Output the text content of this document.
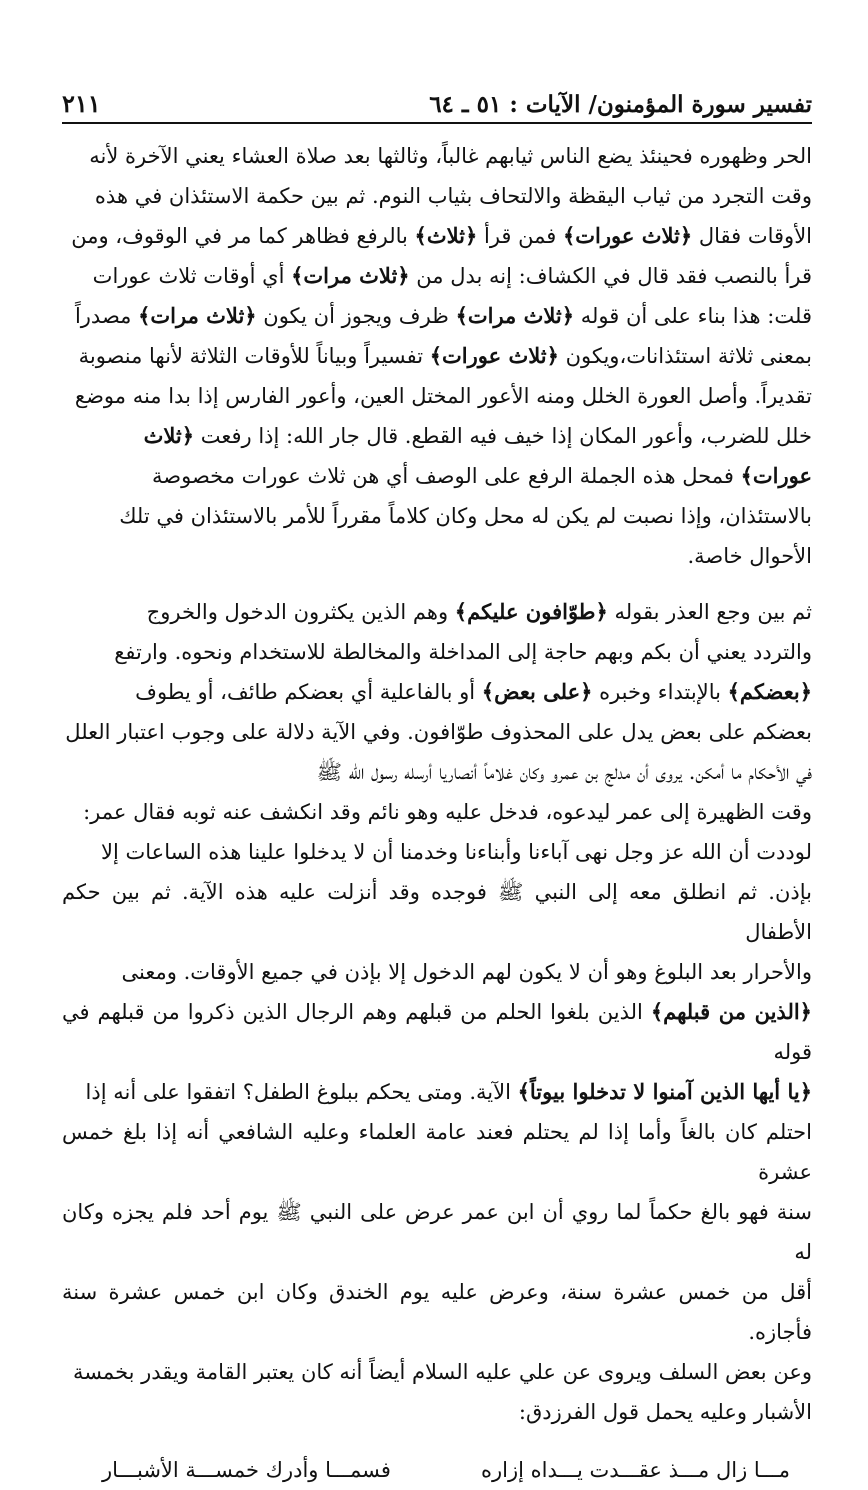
تفسير سورة المؤمنون/ الآيات : ٥١ ـ ٦٤
٢١١

الحر وظهوره فحينئذ يضع الناس ثيابهم غالباً، وثالثها بعد صلاة العشاء يعني الآخرة لأنه

وقت التجرد من ثياب اليقظة والالتحاف بثياب النوم. ثم بين حكمة الاستئذان في هذه

الأوقات فقال ﴿ثلاث عورات﴾ فمن قرأ ﴿ثلاث﴾ بالرفع فظاهر كما مر في الوقوف، ومن

قرأ بالنصب فقد قال في الكشاف: إنه بدل من ﴿ثلاث مرات﴾ أي أوقات ثلاث عورات

قلت: هذا بناء على أن قوله ﴿ثلاث مرات﴾ ظرف ويجوز أن يكون ﴿ثلاث مرات﴾ مصدراً

بمعنى ثلاثة استئذانات،ويكون ﴿ثلاث عورات﴾ تفسيراً وبياناً للأوقات الثلاثة لأنها منصوبة

تقديراً. وأصل العورة الخلل ومنه الأعور المختل العين، وأعور الفارس إذا بدا منه موضع

خلل للضرب، وأعور المكان إذا خيف فيه القطع. قال جار الله: إذا رفعت ﴿ثلاث

عورات﴾ فمحل هذه الجملة الرفع على الوصف أي هن ثلاث عورات مخصوصة

بالاستئذان، وإذا نصبت لم يكن له محل وكان كلاماً مقرراً للأمر بالاستئذان في تلك

الأحوال خاصة.

ثم بين وجع العذر بقوله ﴿طوّافون عليكم﴾ وهم الذين يكثرون الدخول والخروج

والتردد يعني أن بكم وبهم حاجة إلى المداخلة والمخالطة للاستخدام ونحوه. وارتفع

﴿بعضكم﴾ بالإبتداء وخبره ﴿على بعض﴾ أو بالفاعلية أي بعضكم طائف، أو يطوف

بعضكم على بعض يدل على المحذوف طوّافون. وفي الآية دلالة على وجوب اعتبار العلل

في الأحكام ما أمكن. يروى أن مدلج بن عمرو وكان غلاماً أنصاريا أرسله رسول الله ﷺ

وقت الظهيرة إلى عمر ليدعوه، فدخل عليه وهو نائم وقد انكشف عنه ثوبه فقال عمر:

لوددت أن الله عز وجل نهى آباءنا وأبناءنا وخدمنا أن لا يدخلوا علينا هذه الساعات إلا

بإذن. ثم انطلق معه إلى النبي ﷺ فوجده وقد أنزلت عليه هذه الآية. ثم بين حكم الأطفال

والأحرار بعد البلوغ وهو أن لا يكون لهم الدخول إلا بإذن في جميع الأوقات. ومعنى

﴿الذين من قبلهم﴾ الذين بلغوا الحلم من قبلهم وهم الرجال الذين ذكروا من قبلهم في قوله

﴿يا أيها الذين آمنوا لا تدخلوا بيوتاً﴾ الآية. ومتى يحكم ببلوغ الطفل؟ اتفقوا على أنه إذا

احتلم كان بالغاً وأما إذا لم يحتلم فعند عامة العلماء وعليه الشافعي أنه إذا بلغ خمس عشرة

سنة فهو بالغ حكماً لما روي أن ابن عمر عرض على النبي ﷺ يوم أحد فلم يجزه وكان له

أقل من خمس عشرة سنة، وعرض عليه يوم الخندق وكان ابن خمس عشرة سنة فأجازه.

وعن بعض السلف ويروى عن علي عليه السلام أيضاً أنه كان يعتبر القامة ويقدر بخمسة

الأشبار وعليه يحمل قول الفرزدق:

مـــا زال مـــذ عقـــدت يـــداه إزاره
فسمـــا وأدرك خمســـة الأشبـــار
